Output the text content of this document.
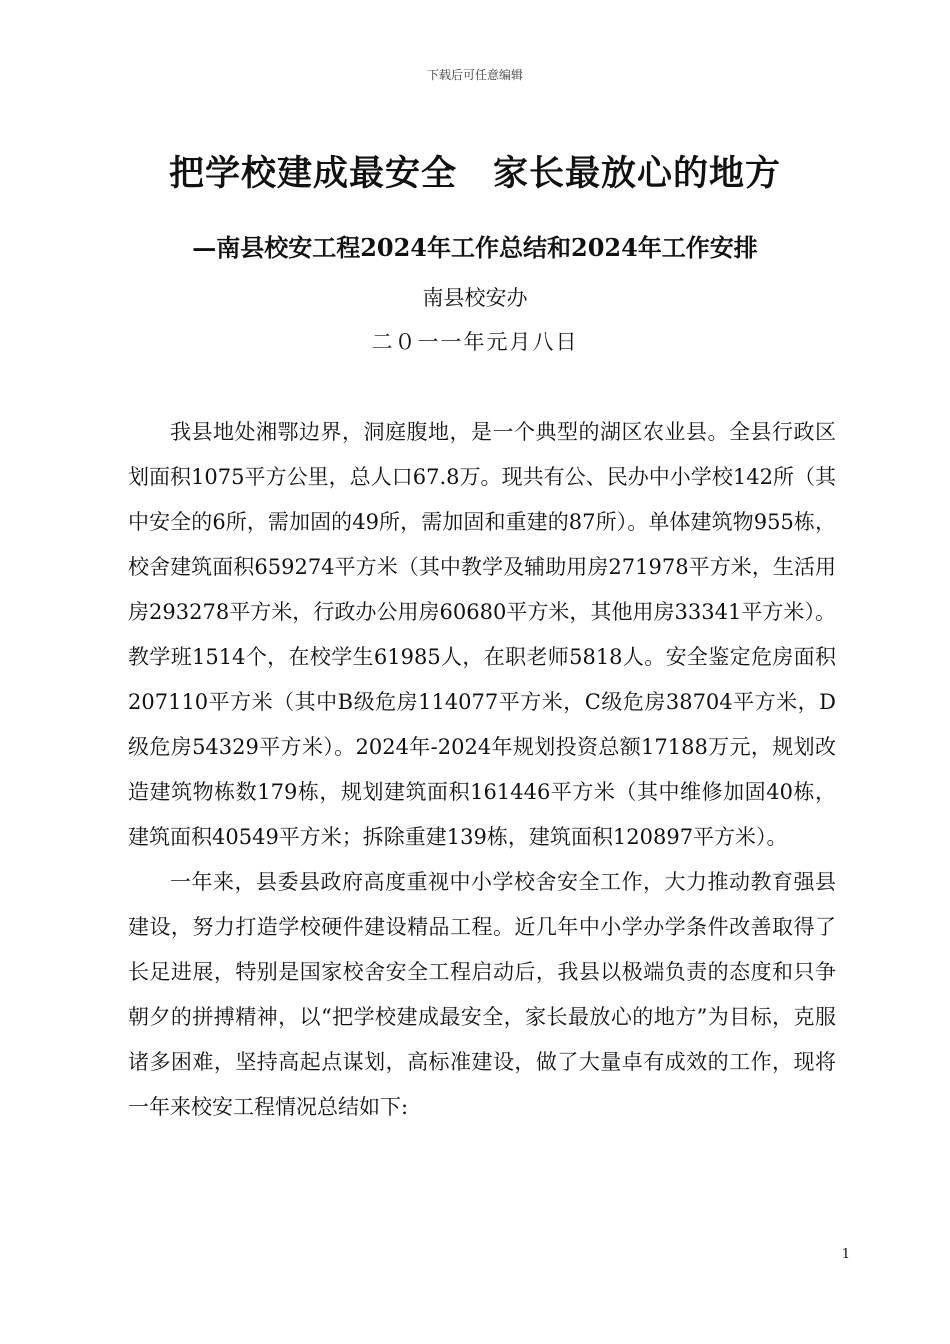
下载后可任意编辑
把学校建成最安全　家长最放心的地方
—南县校安工程2024年工作总结和2024年工作安排
南县校安办
二０一一年元月八日

我县地处湘鄂边界，洞庭腹地，是一个典型的湖区农业县。全县行政区划面积1075平方公里，总人口67.8万。现共有公、民办中小学校142所（其中安全的6所，需加固的49所，需加固和重建的87所）。单体建筑物955栋，校舍建筑面积659274平方米（其中教学及辅助用房271978平方米，生活用房293278平方米，行政办公用房60680平方米，其他用房33341平方米）。教学班1514个，在校学生61985人，在职老师5818人。安全鉴定危房面积207110平方米（其中B级危房114077平方米，C级危房38704平方米，D级危房54329平方米）。2024年-2024年规划投资总额17188万元，规划改造建筑物栋数179栋，规划建筑面积161446平方米（其中维修加固40栋，建筑面积40549平方米；拆除重建139栋，建筑面积120897平方米）。

一年来，县委县政府高度重视中小学校舍安全工作，大力推动教育强县建设，努力打造学校硬件建设精品工程。近几年中小学办学条件改善取得了长足进展，特别是国家校舍安全工程启动后，我县以极端负责的态度和只争朝夕的拼搏精神，以“把学校建成最安全，家长最放心的地方”为目标，克服诸多困难，坚持高起点谋划，高标准建设，做了大量卓有成效的工作，现将一年来校安工程情况总结如下:

1
